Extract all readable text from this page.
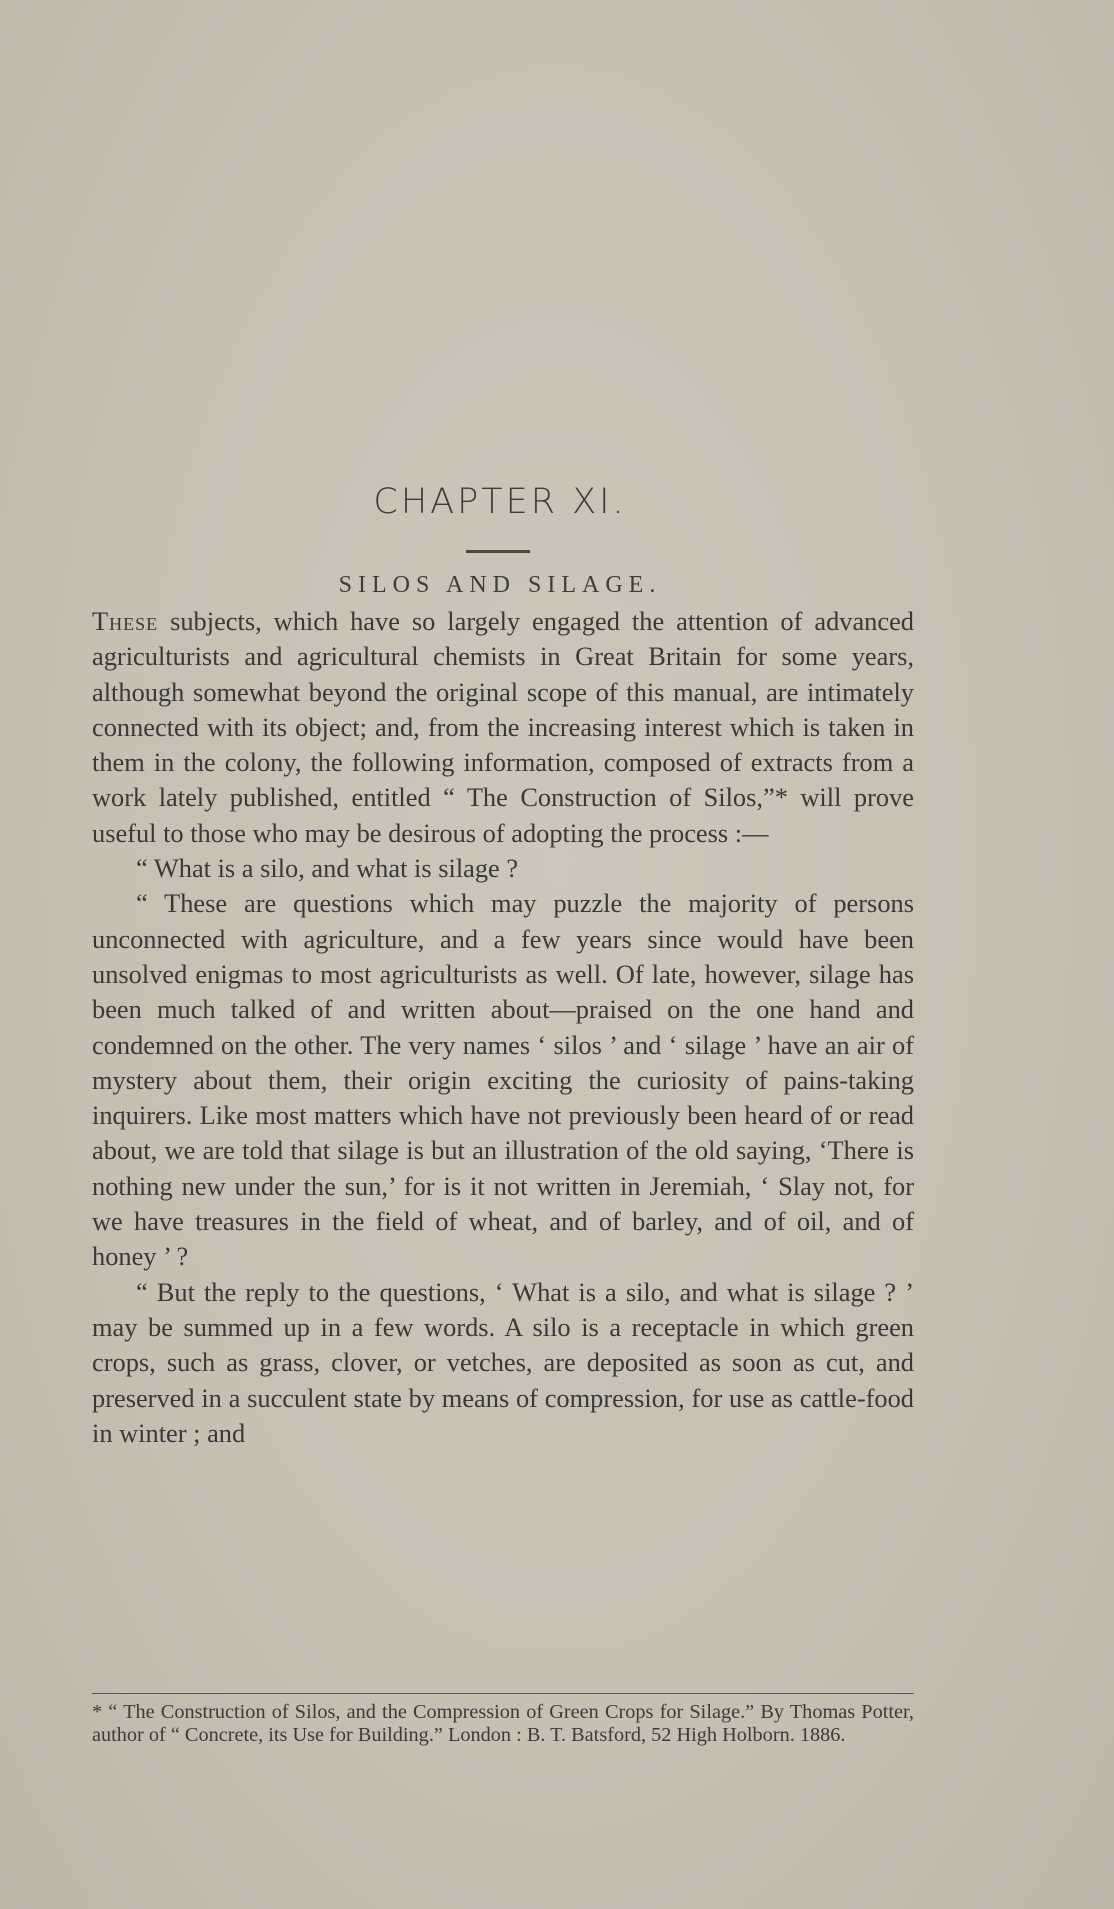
CHAPTER XI.
SILOS AND SILAGE.

These subjects, which have so largely engaged the attention of advanced agriculturists and agricultural chemists in Great Britain for some years, although somewhat beyond the original scope of this manual, are intimately connected with its object; and, from the increasing interest which is taken in them in the colony, the following information, composed of extracts from a work lately published, entitled “ The Construction of Silos,”* will prove useful to those who may be desirous of adopting the process :—

“ What is a silo, and what is silage ?

“ These are questions which may puzzle the majority of persons unconnected with agriculture, and a few years since would have been unsolved enigmas to most agriculturists as well. Of late, however, silage has been much talked of and written about—praised on the one hand and condemned on the other. The very names ‘ silos ’ and ‘ silage ’ have an air of mystery about them, their origin exciting the curiosity of pains-taking inquirers. Like most matters which have not previously been heard of or read about, we are told that silage is but an illustration of the old saying, ‘There is nothing new under the sun,’ for is it not written in Jeremiah, ‘ Slay not, for we have treasures in the field of wheat, and of barley, and of oil, and of honey ’ ?

“ But the reply to the questions, ‘ What is a silo, and what is silage ? ’ may be summed up in a few words. A silo is a receptacle in which green crops, such as grass, clover, or vetches, are deposited as soon as cut, and preserved in a succulent state by means of compression, for use as cattle-food in winter ; and

* “ The Construction of Silos, and the Compression of Green Crops for Silage.” By Thomas Potter, author of “ Concrete, its Use for Building.” London : B. T. Batsford, 52 High Holborn. 1886.
